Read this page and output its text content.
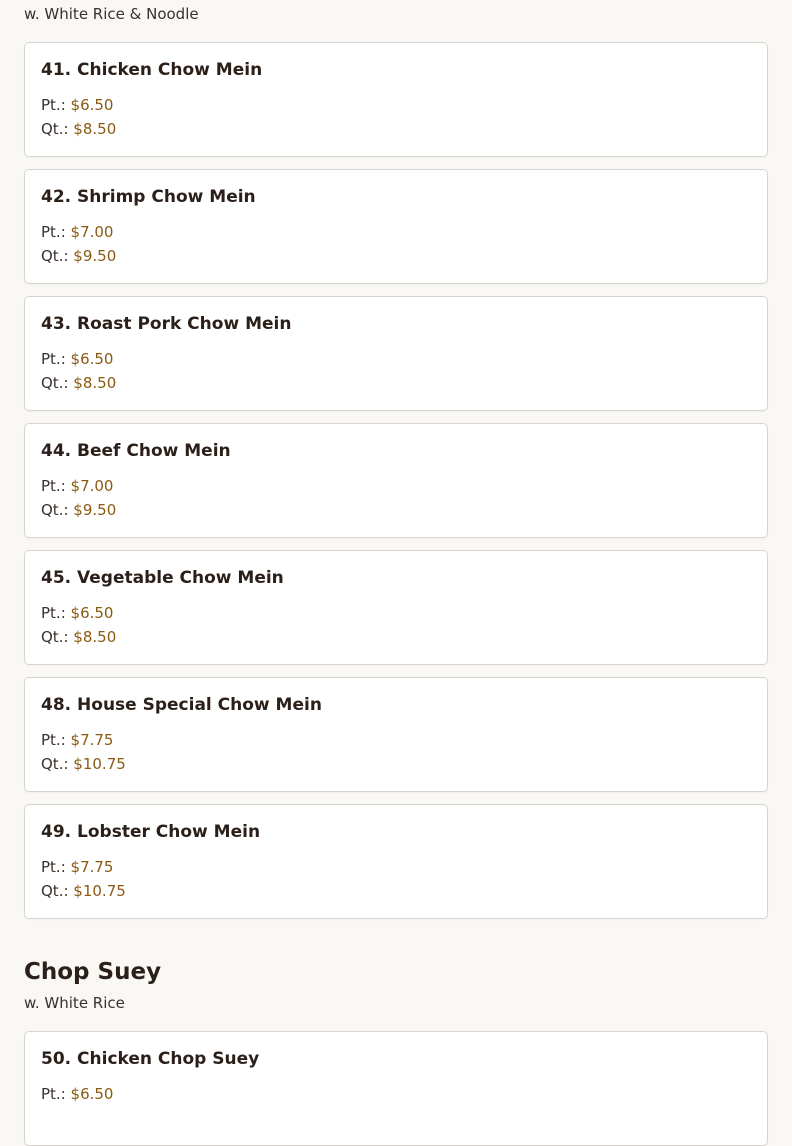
w. White Rice & Noodle
41. Chicken Chow Mein
Pt.: $6.50
Qt.: $8.50
42. Shrimp Chow Mein
Pt.: $7.00
Qt.: $9.50
43. Roast Pork Chow Mein
Pt.: $6.50
Qt.: $8.50
44. Beef Chow Mein
Pt.: $7.00
Qt.: $9.50
45. Vegetable Chow Mein
Pt.: $6.50
Qt.: $8.50
48. House Special Chow Mein
Pt.: $7.75
Qt.: $10.75
49. Lobster Chow Mein
Pt.: $7.75
Qt.: $10.75
Chop Suey
w. White Rice
50. Chicken Chop Suey
Pt.: $6.50
